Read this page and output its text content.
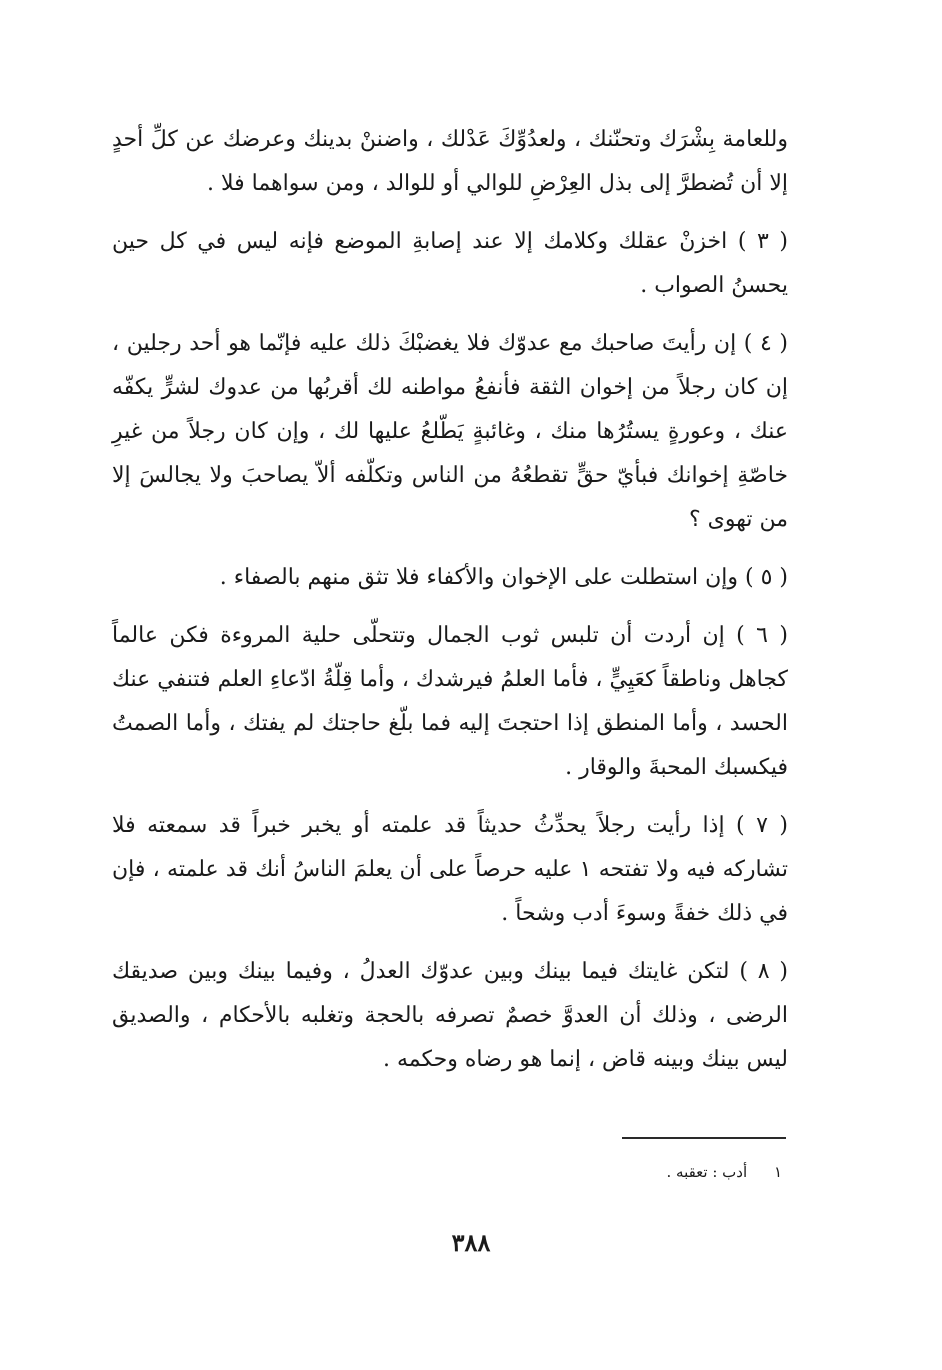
وللعامة بِشْرَك وتحنّنك ، ولعدُوِّكَ عَدْلك ، واضننْ بدينك وعرضك عن كلِّ أحدٍ إلا أن تُضطرَّ إلى بذل العِرْضِ للوالي أو للوالد ، ومن سواهما فلا .

( ٣ ) اخزنْ عقلك وكلامك إلا عند إصابةِ الموضع فإنه ليس في كل حين يحسنُ الصواب .

( ٤ ) إن رأيتَ صاحبك مع عدوّك فلا يغضبْكَ ذلك عليه فإنّما هو أحد رجلين ، إن كان رجلاً من إخوان الثقة فأنفعُ مواطنه لك أقربُها من عدوك لشرٍّ يكفّه عنك ، وعورةٍ يستُرُها منك ، وغائبةٍ يَطّلعُ عليها لك ، وإن كان رجلاً من غيرِ خاصّةِ إخوانك فبأيّ حقٍّ تقطعُهُ من الناس وتكلّفه ألاّ يصاحبَ ولا يجالسَ إلا من تهوى ؟

( ٥ ) وإن استطلت على الإخوان والأكفاء فلا تثق منهم بالصفاء .

( ٦ ) إن أردت أن تلبس ثوب الجمال وتتحلّى حلية المروءة فكن عالماً كجاهل وناطقاً كعَيِيٍّ ، فأما العلمُ فيرشدك ، وأما قِلّةُ ادّعاءِ العلم فتنفي عنك الحسد ، وأما المنطق إذا احتجتَ إليه فما بلّغ حاجتك لم يفتك ، وأما الصمتُ فيكسبك المحبةَ والوقار .

( ٧ ) إذا رأيت رجلاً يحدِّثُ حديثاً قد علمته أو يخبر خبراً قد سمعته فلا تشاركه فيه ولا تفتحه ١ عليه حرصاً على أن يعلمَ الناسُ أنك قد علمته ، فإن في ذلك خفةً وسوءَ أدب وشحاً .

( ٨ ) لتكن غايتك فيما بينك وبين عدوّك العدلُ ، وفيما بينك وبين صديقك الرضى ، وذلك أن العدوَّ خصمٌ تصرفه بالحجة وتغلبه بالأحكام ، والصديق ليس بينك وبينه قاض ، إنما هو رضاه وحكمه .

١ أدب : تعقبه .
٣٨٨
